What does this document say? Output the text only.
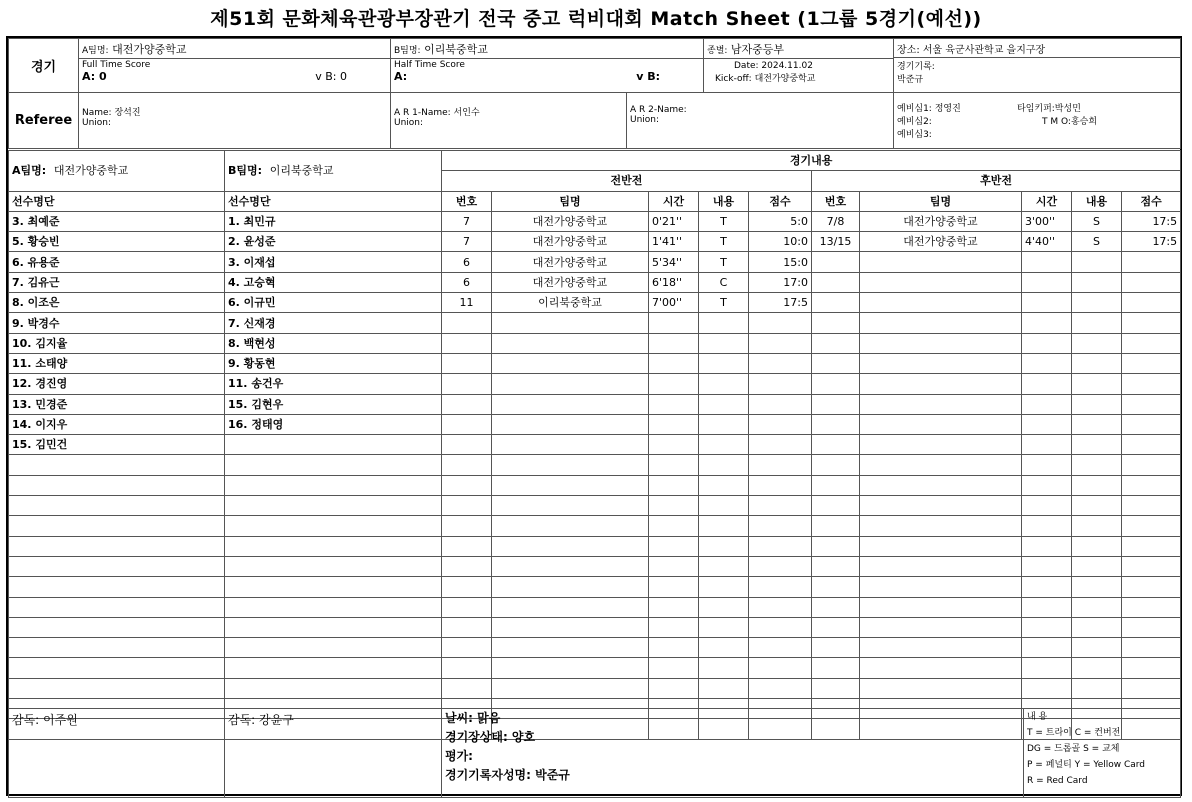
제51회 문화체육관광부장관기 전국 중고 럭비대회 Match Sheet (1그룹 5경기(예선))
경기	
A팀명: 대전가양중학교
Full Time Score
A: 0	v B: 0

B팀명: 이리북중학교
Half Time Score
A:	v B:

종별: 남자중등부
Date: 2024.11.02
Kick-off: 대전가양중학교

장소: 서울 육군사관학교 을지구장
경기기록:
박준규
Referee	Name: 장석진
Union:

A R 1-Name: 서인수
Union:

A R 2-Name:
Union:

예비심1: 정영진	타임키퍼:박성민
예비심2:	T M O:홍승희
예비심3:
A팀명: 대전가양중학교	B팀명: 이리북중학교	경기내용									
		전반전					후반전				
선수명단	선수명단	번호	팀명	시간	내용	점수	번호	팀명	시간	내용	점수
3. 최예준	1. 최민규	7	대전가양중학교	0'21''	T	5:0	7/8	대전가양중학교	3'00''	S	17:5
5. 황승빈	2. 윤성준	7	대전가양중학교	1'41''	T	10:0	13/15	대전가양중학교	4'40''	S	17:5
6. 유용준	3. 이재섭	6	대전가양중학교	5'34''	T	15:0					
7. 김유근	4. 고승혁	6	대전가양중학교	6'18''	C	17:0					
8. 이조은	6. 이규민	11	이리북중학교	7'00''	T	17:5					
9. 박경수	7. 신재경										
10. 김지율	8. 백현성										
11. 소태양	9. 황동현										
12. 경진영	11. 송건우										
13. 민경준	15. 김현우										
14. 이지우	16. 정태영										
15. 김민건											

감독: 이주원	감독: 강윤구	날씨: 맑음
경기장상태: 양호
평가:
경기기록자성명: 박준규

내 용
T = 트라이 C = 컨버전
DG = 드롭골 S = 교체
P = 페널티 Y = Yellow Card
R = Red Card
